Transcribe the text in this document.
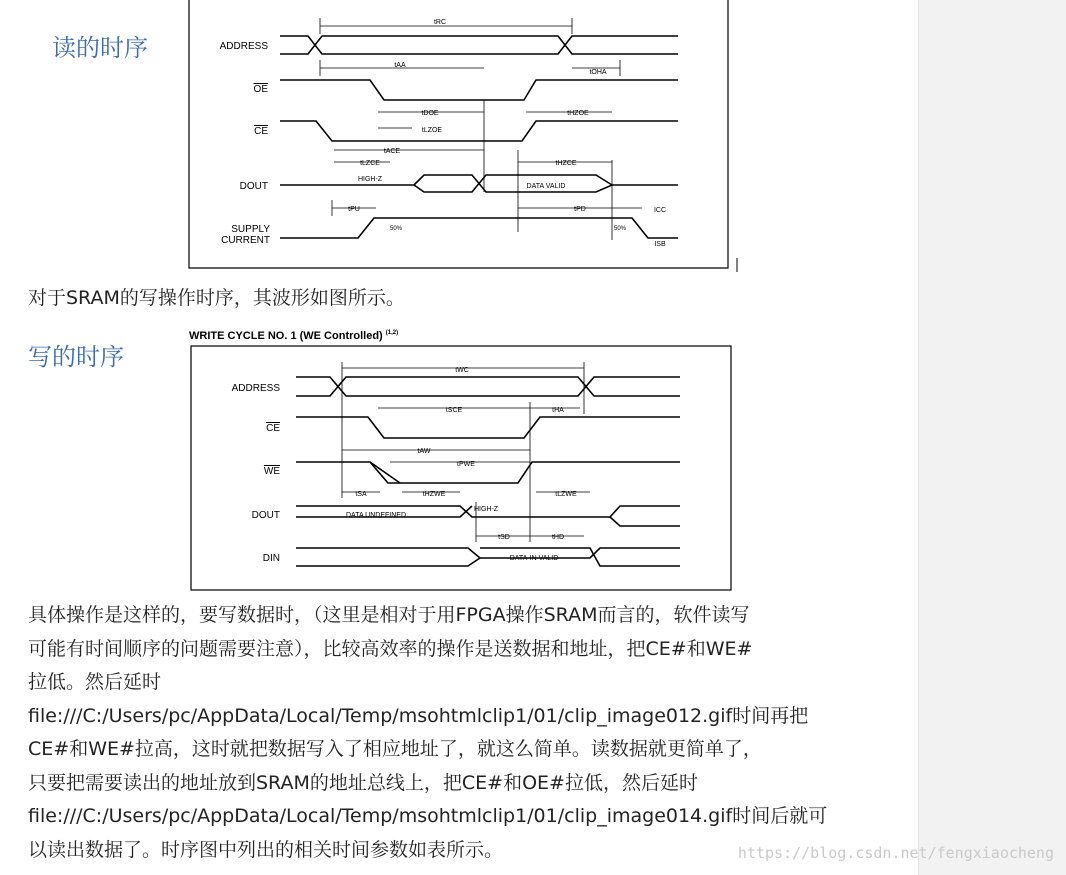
读的时序	ADDRESS
OE
CE
DOUT
SUPPLY
CURRENT
tRC
tAA
tOHA
tDOE
tLZOE
tHZOE
tACE
tLZCE	tHZCE
tPU	tPD
HIGH-Z
DATA VALID
50%	50%
ICC
ISB
对于SRAM的写操作时序，其波形如图所示。
写的时序
WRITE CYCLE NO. 1 (WE Controlled) $^{(1,2)}$
ADDRESS
CE
WE
DOUT
DIN
tWC
tSCE	tHA
tAW
tPWE
tSA	tHZWE	tLZWE
tSD	tHD
DATA UNDEFINED
HIGH-Z
DATA-IN VALID
具体操作是这样的，要写数据时，（这里是相对于用FPGA操作SRAM而言的，软件读写
可能有时间顺序的问题需要注意），比较高效率的操作是送数据和地址，把CE#和WE#
拉低。然后延时
file:///C:/Users/pc/AppData/Local/Temp/msohtmlclip1/01/clip_image012.gif时间再把
CE#和WE#拉高，这时就把数据写入了相应地址了，就这么简单。读数据就更简单了，
只要把需要读出的地址放到SRAM的地址总线上，把CE#和OE#拉低，然后延时
file:///C:/Users/pc/AppData/Local/Temp/msohtmlclip1/01/clip_image014.gif时间后就可
以读出数据了。时序图中列出的相关时间参数如表所示。	https://blog.csdn.net/fengxiaocheng
